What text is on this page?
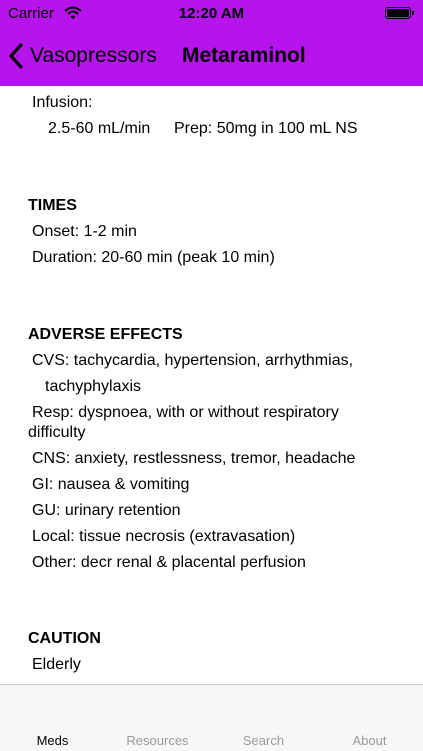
Carrier	12:20 AM
Vasopressors Metaraminol
Infusion:
2.5-60 mL/min Prep: 50mg in 100 mL NS
TIMES
Onset: 1-2 min
Duration: 20-60 min (peak 10 min)
ADVERSE EFFECTS
CVS: tachycardia, hypertension, arrhythmias,
tachyphylaxis
Resp: dyspnoea, with or without respiratory
difficulty
CNS: anxiety, restlessness, tremor, headache
GI: nausea & vomiting
GU: urinary retention
Local: tissue necrosis (extravasation)
Other: decr renal & placental perfusion
CAUTION
Elderly
Meds	Resources	Search	About
